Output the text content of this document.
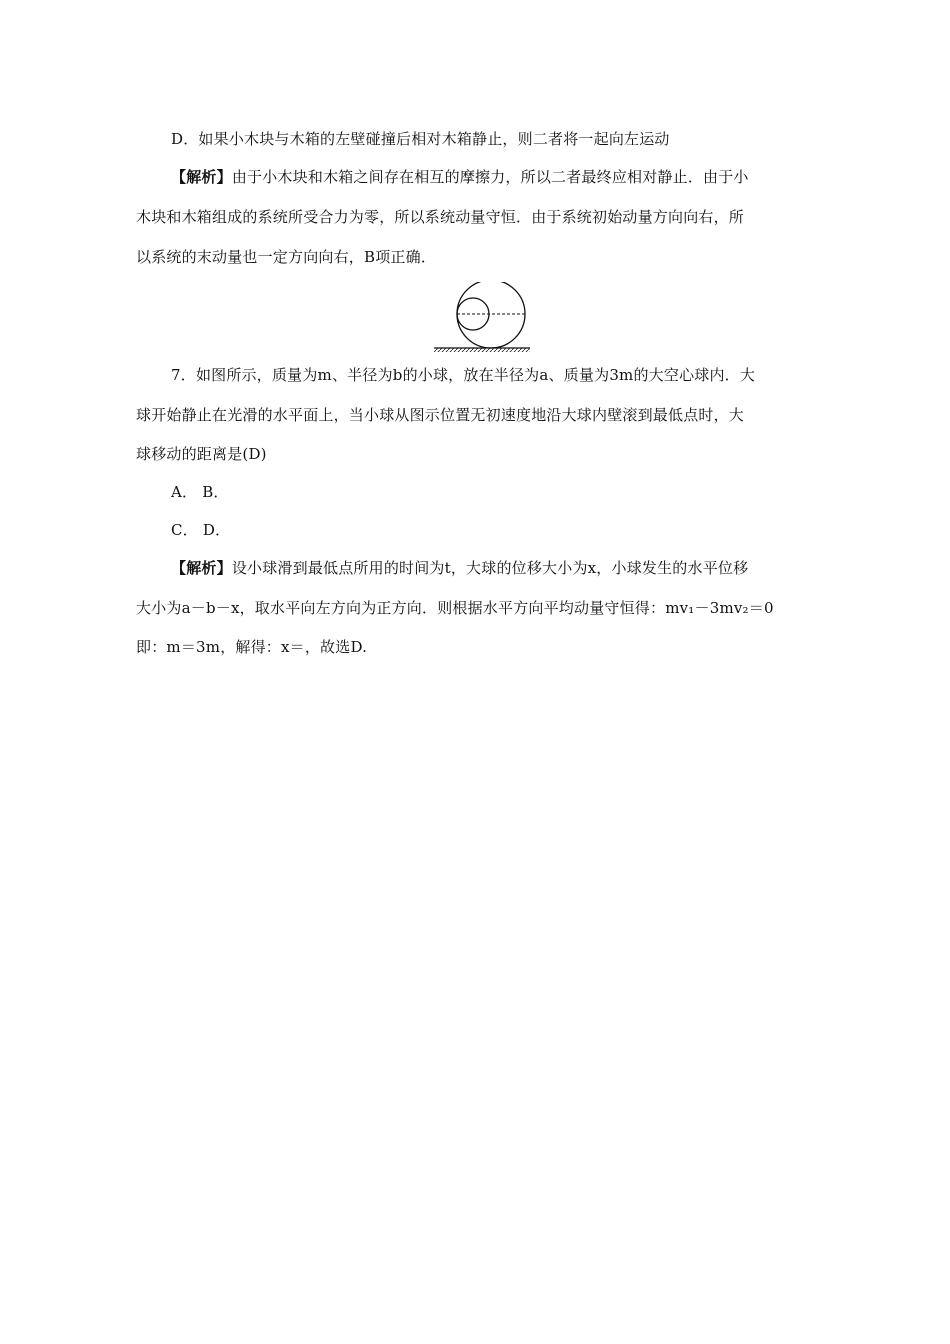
D．如果小木块与木箱的左壁碰撞后相对木箱静止，则二者将一起向左运动
【解析】由于小木块和木箱之间存在相互的摩擦力，所以二者最终应相对静止．由于小
木块和木箱组成的系统所受合力为零，所以系统动量守恒．由于系统初始动量方向向右，所
以系统的末动量也一定方向向右，B项正确．
7．如图所示，质量为m、半径为b的小球，放在半径为a、质量为3m的大空心球内．大
球开始静止在光滑的水平面上，当小球从图示位置无初速度地沿大球内壁滚到最低点时，大
球移动的距离是(D)
A． B．
C． D．
【解析】设小球滑到最低点所用的时间为t，大球的位移大小为x，小球发生的水平位移
大小为a－b－x，取水平向左方向为正方向．则根据水平方向平均动量守恒得：mv₁－3mv₂＝0
即：m＝3m，解得：x＝，故选D.
